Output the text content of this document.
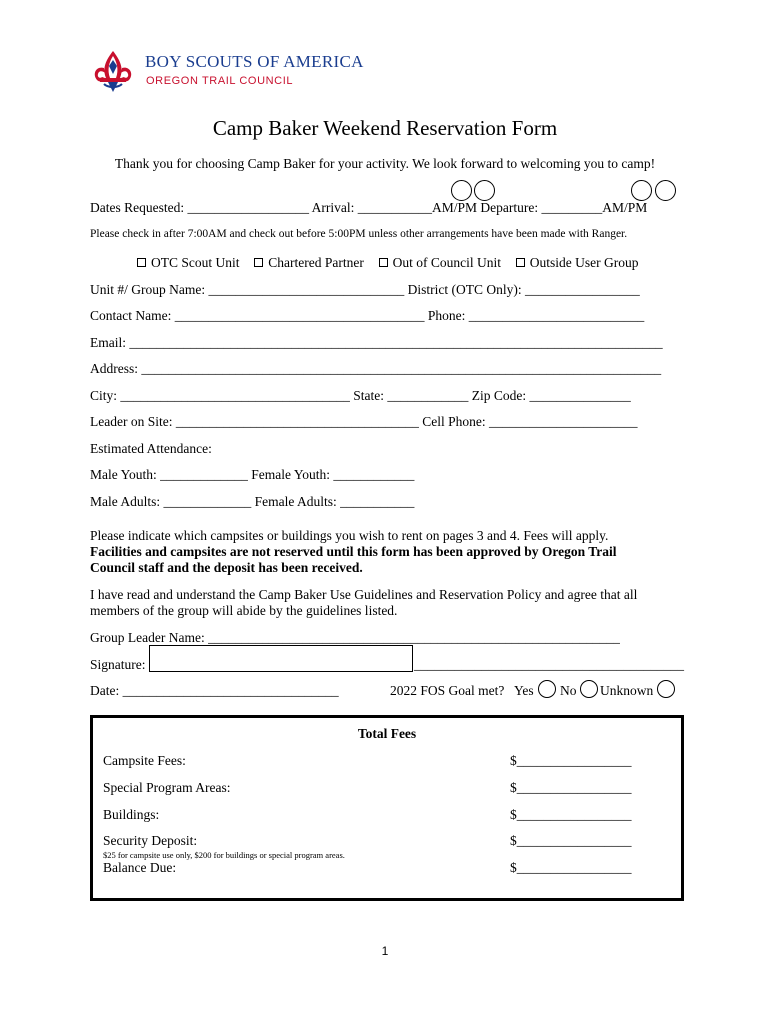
BOY SCOUTS OF AMERICA
OREGON TRAIL COUNCIL
Camp Baker Weekend Reservation Form
Thank you for choosing Camp Baker for your activity. We look forward to welcoming you to camp!
Dates Requested: __________________ Arrival: ___________AM/PM Departure: _________AM/PM
Please check in after 7:00AM and check out before 5:00PM unless other arrangements have been made with Ranger.
OTC Scout Unit Chartered Partner Out of Council Unit Outside User Group
Unit #/ Group Name: _____________________________ District (OTC Only): _________________
Contact Name: _____________________________________ Phone: __________________________
Email: _______________________________________________________________________________
Address: _____________________________________________________________________________
City: __________________________________ State: ____________ Zip Code: _______________
Leader on Site: ____________________________________ Cell Phone: ______________________
Estimated Attendance:
Male Youth: _____________ Female Youth: ____________
Male Adults: _____________ Female Adults: ___________
Please indicate which campsites or buildings you wish to rent on pages 3 and 4. Fees will apply.
Facilities and campsites are not reserved until this form has been approved by Oregon Trail
Council staff and the deposit has been received.
I have read and understand the Camp Baker Use Guidelines and Reservation Policy and agree that all
members of the group will abide by the guidelines listed.
Group Leader Name: _____________________________________________________________
Signature:	________________________________________
Date: ________________________________	2022 FOS Goal met? Yes No Unknown
Total Fees
Campsite Fees:	$_________________
Special Program Areas:	$_________________
Buildings:	$_________________
Security Deposit:	$_________________
$25 for campsite use only, $200 for buildings or special program areas.
Balance Due:	$_________________
1
